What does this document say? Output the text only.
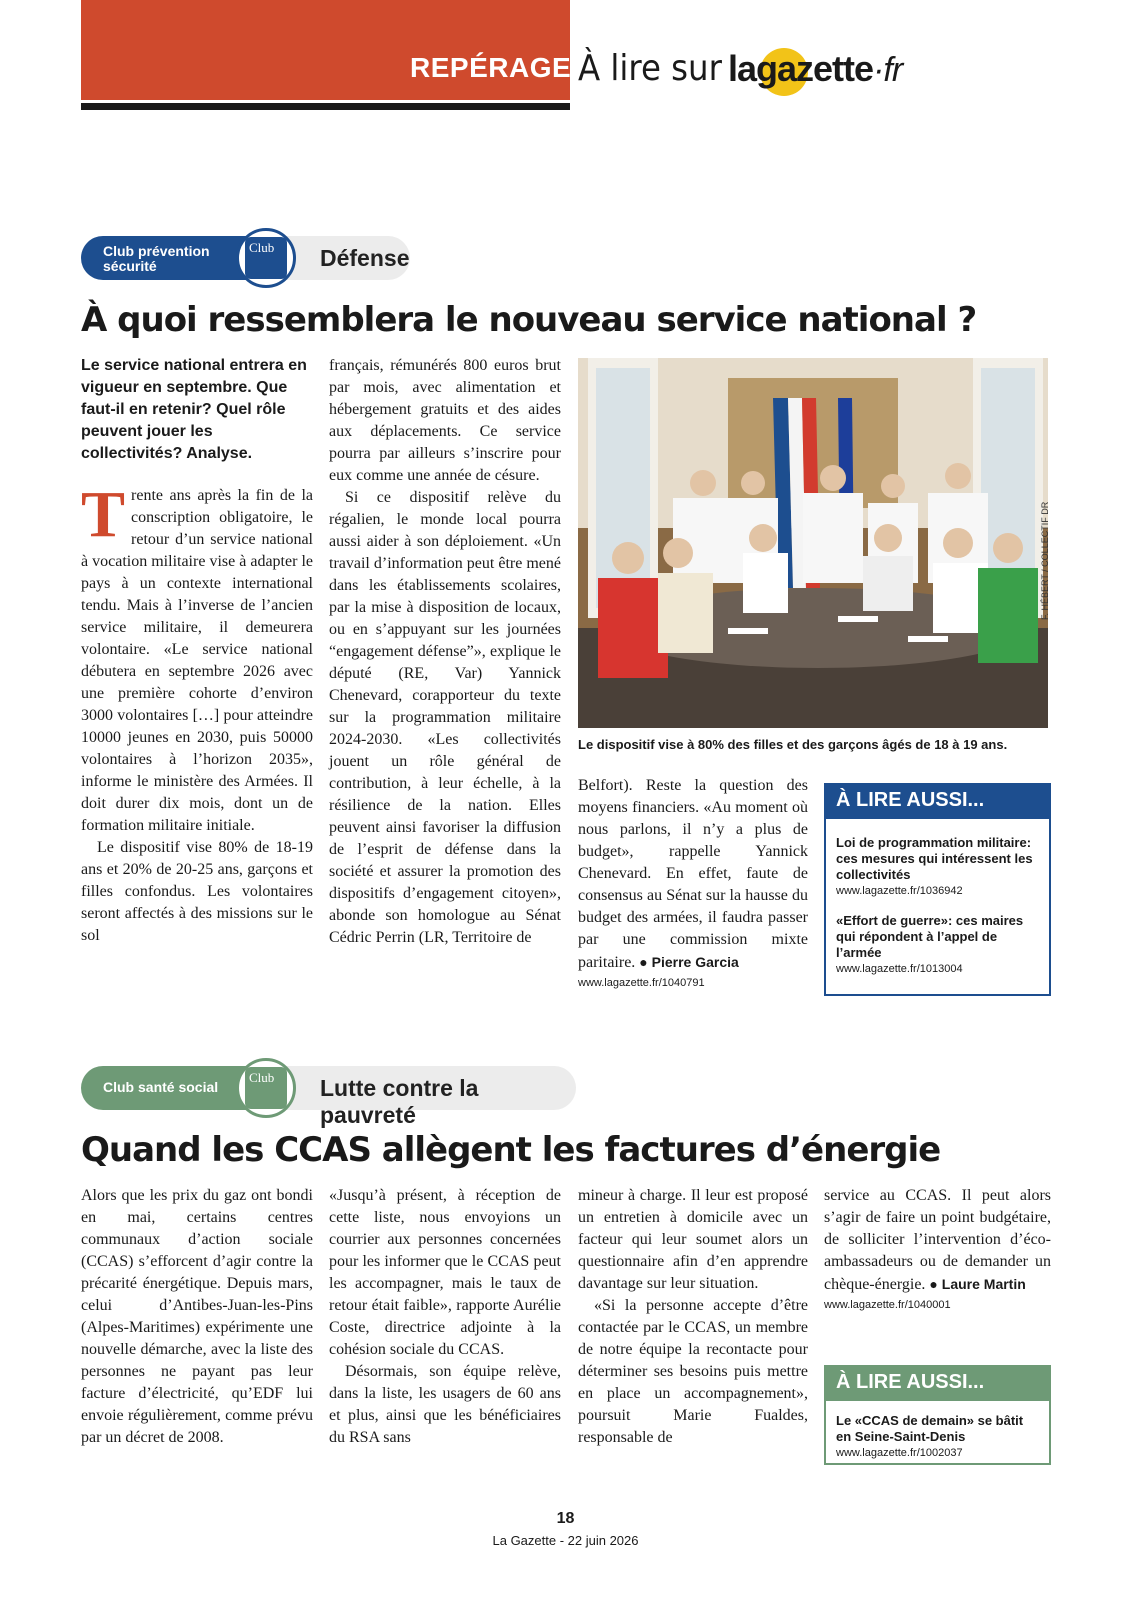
REPÉRAGES
À lire sur lagazette·fr
Défense
Club prévention sécurité
Club
À quoi ressemblera le nouveau service national ?

Le service national entrera en vigueur en septembre. Que faut-il en retenir? Quel rôle peuvent jouer les collectivités? Analyse.

Trente ans après la fin de la conscription obligatoire, le retour d’un service national à vocation militaire vise à adapter le pays à un contexte international tendu. Mais à l’inverse de l’ancien service militaire, il demeurera volontaire. «Le service national débutera en septembre 2026 avec une première cohorte d’environ 3000 volontaires […] pour atteindre 10000 jeunes en 2030, puis 50000 volontaires à l’horizon 2035», informe le ministère des Armées. Il doit durer dix mois, dont un de formation militaire initiale.

Le dispositif vise 80% de 18-19 ans et 20% de 20-25 ans, garçons et filles confondus. Les volontaires seront affectés à des missions sur le sol

français, rémunérés 800 euros brut par mois, avec alimentation et hébergement gratuits et des aides aux déplacements. Ce service pourra par ailleurs s’inscrire pour eux comme une année de césure.

Si ce dispositif relève du régalien, le monde local pourra aussi aider à son déploiement. «Un travail d’information peut être mené dans les établissements scolaires, par la mise à disposition de locaux, ou en s’appuyant sur les journées “engagement défense”», explique le député (RE, Var) Yannick Chenevard, corapporteur du texte sur la programmation militaire 2024-2030. «Les collectivités jouent un rôle général de contribution, à leur échelle, à la résilience de la nation. Elles peuvent ainsi favoriser la diffusion de l’esprit de défense dans la société et assurer la promotion des dispositifs d’engagement citoyen», abonde son homologue au Sénat Cédric Perrin (LR, Territoire de

F. HÉBERT / COLLECTIF DR
Le dispositif vise à 80% des filles et des garçons âgés de 18 à 19 ans.

Belfort). Reste la question des moyens financiers. «Au moment où nous parlons, il n’y a plus de budget», rappelle Yannick Chenevard. En effet, faute de consensus au Sénat sur la hausse du budget des armées, il faudra passer par une commission mixte paritaire. ● Pierre Garcia

www.lagazette.fr/1040791

À LIRE AUSSI...
Loi de programmation militaire: ces mesures qui intéressent les collectivités
www.lagazette.fr/1036942
«Effort de guerre»: ces maires qui répondent à l’appel de l’armée
www.lagazette.fr/1013004
Lutte contre la pauvreté
Club santé social
Club
Quand les CCAS allègent les factures d’énergie

Alors que les prix du gaz ont bondi en mai, certains centres communaux d’action sociale (CCAS) s’efforcent d’agir contre la précarité énergétique. Depuis mars, celui d’Antibes-Juan-les-Pins (Alpes-Maritimes) expérimente une nouvelle démarche, avec la liste des personnes ne payant pas leur facture d’électricité, qu’EDF lui envoie régulièrement, comme prévu par un décret de 2008.

«Jusqu’à présent, à réception de cette liste, nous envoyions un courrier aux personnes concernées pour les informer que le CCAS peut les accompagner, mais le taux de retour était faible», rapporte Aurélie Coste, directrice adjointe à la cohésion sociale du CCAS.

Désormais, son équipe relève, dans la liste, les usagers de 60 ans et plus, ainsi que les bénéficiaires du RSA sans

mineur à charge. Il leur est proposé un entretien à domicile avec un facteur qui leur soumet alors un questionnaire afin d’en apprendre davantage sur leur situation.

«Si la personne accepte d’être contactée par le CCAS, un membre de notre équipe la recontacte pour déterminer ses besoins puis mettre en place un accompagnement», poursuit Marie Fualdes, responsable de

service au CCAS. Il peut alors s’agir de faire un point budgétaire, de solliciter l’intervention d’éco-ambassadeurs ou de demander un chèque-énergie. ● Laure Martin

www.lagazette.fr/1040001

À LIRE AUSSI...
Le «CCAS de demain» se bâtit en Seine-Saint-Denis
www.lagazette.fr/1002037
18
La Gazette - 22 juin 2026
